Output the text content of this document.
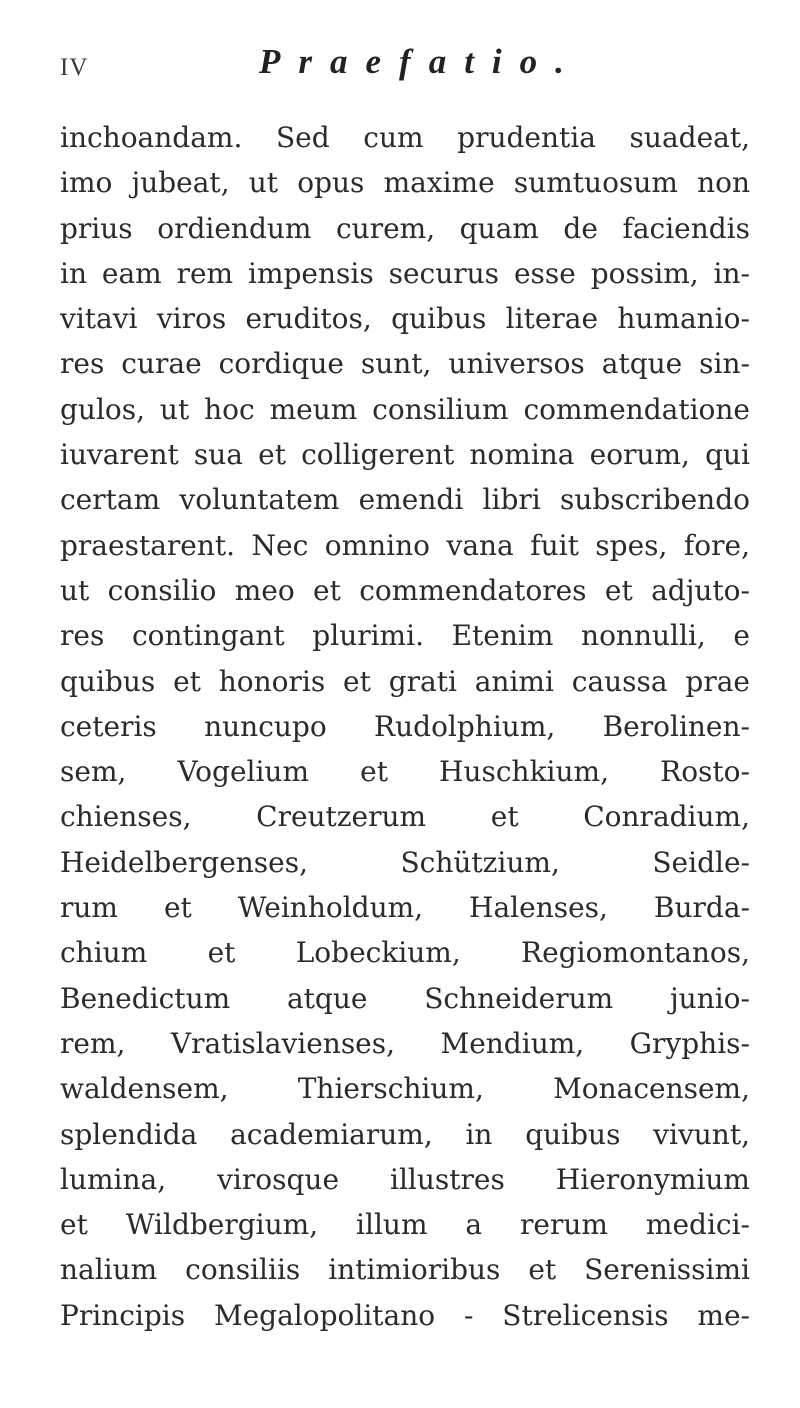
IV	Praefatio.
inchoandam. Sed cum prudentia suadeat,
imo jubeat, ut opus maxime sumtuosum non
prius ordiendum curem, quam de faciendis
in eam rem impensis securus esse possim, in-
vitavi viros eruditos, quibus literae humanio-
res curae cordique sunt, universos atque sin-
gulos, ut hoc meum consilium commendatione
iuvarent sua et colligerent nomina eorum, qui
certam voluntatem emendi libri subscribendo
praestarent. Nec omnino vana fuit spes, fore,
ut consilio meo et commendatores et adjuto-
res contingant plurimi. Etenim nonnulli, e
quibus et honoris et grati animi caussa prae
ceteris nuncupo Rudolphium, Berolinen-
sem, Vogelium et Huschkium, Rosto-
chienses, Creutzerum et Conradium,
Heidelbergenses, Schützium, Seidle-
rum et Weinholdum, Halenses, Burda-
chium et Lobeckium, Regiomontanos,
Benedictum atque Schneiderum junio-
rem, Vratislavienses, Mendium, Gryphis-
waldensem, Thierschium, Monacensem,
splendida academiarum, in quibus vivunt,
lumina, virosque illustres Hieronymium
et Wildbergium, illum a rerum medici-
nalium consiliis intimioribus et Serenissimi
Principis Megalopolitano - Strelicensis me-
